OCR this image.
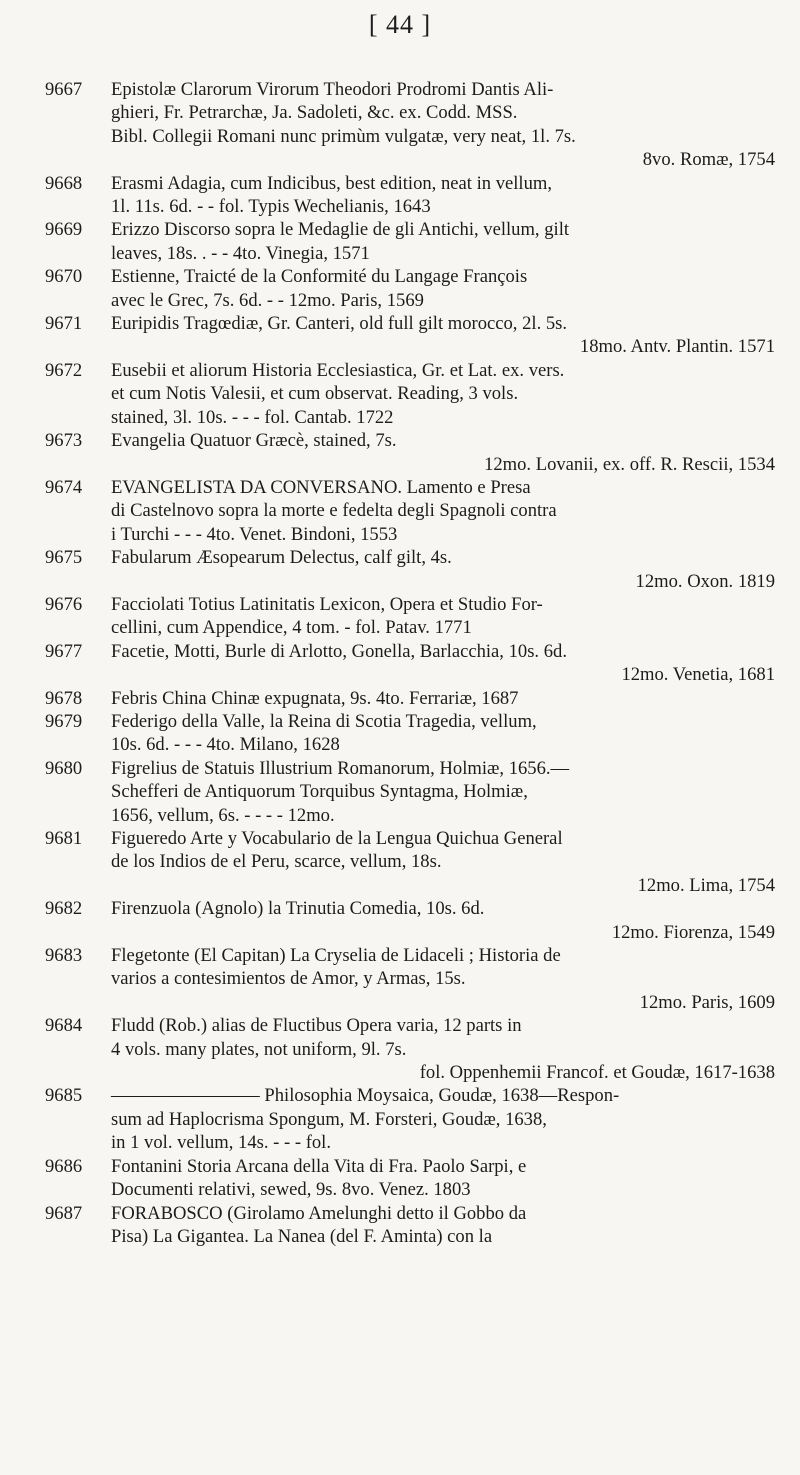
[ 44 ]
9667	Epistolæ Clarorum Virorum Theodori Prodromi Dantis Ali-
ghieri, Fr. Petrarchæ, Ja. Sadoleti, &c. ex. Codd. MSS.
Bibl. Collegii Romani nunc primùm vulgatæ, very neat, 1l. 7s.
8vo. Romæ, 1754
9668	Erasmi Adagia, cum Indicibus, best edition, neat in vellum,
1l. 11s. 6d. - - fol. Typis Wechelianis, 1643
9669	Erizzo Discorso sopra le Medaglie de gli Antichi, vellum, gilt
leaves, 18s. . - - 4to. Vinegia, 1571
9670	Estienne, Traicté de la Conformité du Langage François
avec le Grec, 7s. 6d. - - 12mo. Paris, 1569
9671	Euripidis Tragœdiæ, Gr. Canteri, old full gilt morocco, 2l. 5s.
18mo. Antv. Plantin. 1571
9672	Eusebii et aliorum Historia Ecclesiastica, Gr. et Lat. ex. vers.
et cum Notis Valesii, et cum observat. Reading, 3 vols.
stained, 3l. 10s. - - - fol. Cantab. 1722
9673	Evangelia Quatuor Græcè, stained, 7s.
12mo. Lovanii, ex. off. R. Rescii, 1534
9674	EVANGELISTA DA CONVERSANO. Lamento e Presa
di Castelnovo sopra la morte e fedelta degli Spagnoli contra
i Turchi - - - 4to. Venet. Bindoni, 1553
9675	Fabularum Æsopearum Delectus, calf gilt, 4s.
12mo. Oxon. 1819
9676	Facciolati Totius Latinitatis Lexicon, Opera et Studio For-
cellini, cum Appendice, 4 tom. - fol. Patav. 1771
9677	Facetie, Motti, Burle di Arlotto, Gonella, Barlacchia, 10s. 6d.
12mo. Venetia, 1681
9678	Febris China Chinæ expugnata, 9s. 4to. Ferrariæ, 1687
9679	Federigo della Valle, la Reina di Scotia Tragedia, vellum,
10s. 6d. - - - 4to. Milano, 1628
9680	Figrelius de Statuis Illustrium Romanorum, Holmiæ, 1656.—
Schefferi de Antiquorum Torquibus Syntagma, Holmiæ,
1656, vellum, 6s. - - - - 12mo.
9681	Figueredo Arte y Vocabulario de la Lengua Quichua General
de los Indios de el Peru, scarce, vellum, 18s.
12mo. Lima, 1754
9682	Firenzuola (Agnolo) la Trinutia Comedia, 10s. 6d.
12mo. Fiorenza, 1549
9683	Flegetonte (El Capitan) La Cryselia de Lidaceli ; Historia de
varios a contesimientos de Amor, y Armas, 15s.
12mo. Paris, 1609
9684	Fludd (Rob.) alias de Fluctibus Opera varia, 12 parts in
4 vols. many plates, not uniform, 9l. 7s.
fol. Oppenhemii Francof. et Goudæ, 1617-1638
9685	———————— Philosophia Moysaica, Goudæ, 1638—Respon-
sum ad Haplocrisma Spongum, M. Forsteri, Goudæ, 1638,
in 1 vol. vellum, 14s. - - - fol.
9686	Fontanini Storia Arcana della Vita di Fra. Paolo Sarpi, e
Documenti relativi, sewed, 9s. 8vo. Venez. 1803
9687	FORABOSCO (Girolamo Amelunghi detto il Gobbo da
Pisa) La Gigantea. La Nanea (del F. Aminta) con la
